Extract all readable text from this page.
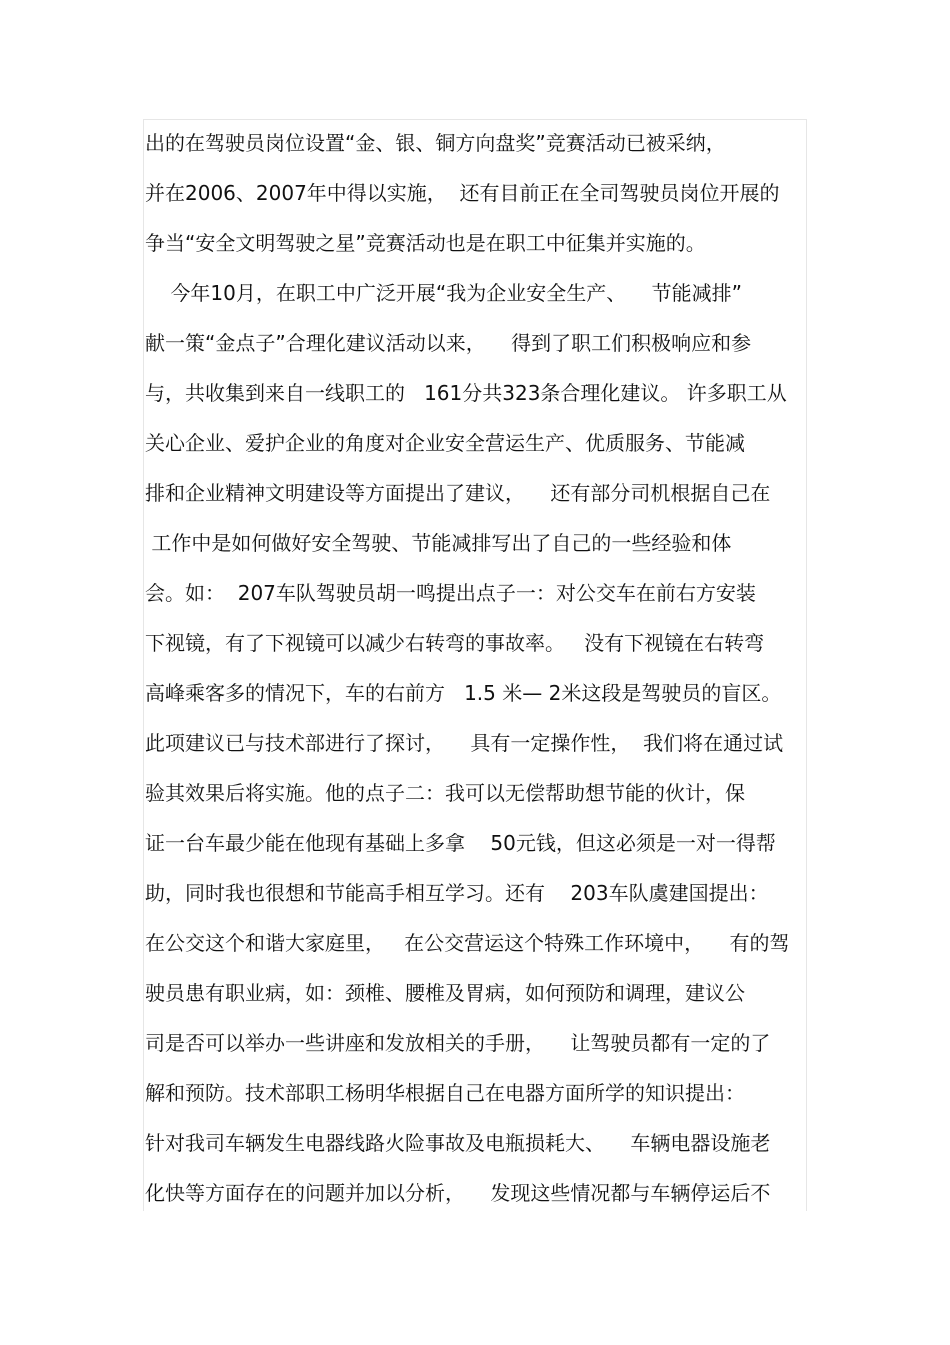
出的在驾驶员岗位设置“金、银、铜方向盘奖”竞赛活动已被采纳，
并在2006、2007年中得以实施，  还有目前正在全司驾驶员岗位开展的
争当“安全文明驾驶之星”竞赛活动也是在职工中征集并实施的。
今年10月，在职工中广泛开展“我为企业安全生产、    节能减排”
献一策“金点子”合理化建议活动以来，    得到了职工们积极响应和参
与，共收集到来自一线职工的   161分共323条合理化建议。 许多职工从
关心企业、爱护企业的角度对企业安全营运生产、优质服务、节能减
排和企业精神文明建设等方面提出了建议，    还有部分司机根据自己在
工作中是如何做好安全驾驶、节能减排写出了自己的一些经验和体
会。如：  207车队驾驶员胡一鸣提出点子一：对公交车在前右方安装
下视镜，有了下视镜可以减少右转弯的事故率。   没有下视镜在右转弯
高峰乘客多的情况下，车的右前方   1.5 米— 2米这段是驾驶员的盲区。
此项建议已与技术部进行了探讨，    具有一定操作性，  我们将在通过试
验其效果后将实施。他的点子二：我可以无偿帮助想节能的伙计，保
证一台车最少能在他现有基础上多拿    50元钱，但这必须是一对一得帮
助，同时我也很想和节能高手相互学习。还有    203车队虞建国提出：
在公交这个和谐大家庭里，   在公交营运这个特殊工作环境中，    有的驾
驶员患有职业病，如：颈椎、腰椎及胃病，如何预防和调理，建议公
司是否可以举办一些讲座和发放相关的手册，    让驾驶员都有一定的了
解和预防。技术部职工杨明华根据自己在电器方面所学的知识提出：
针对我司车辆发生电器线路火险事故及电瓶损耗大、    车辆电器设施老
化快等方面存在的问题并加以分析，    发现这些情况都与车辆停运后不
